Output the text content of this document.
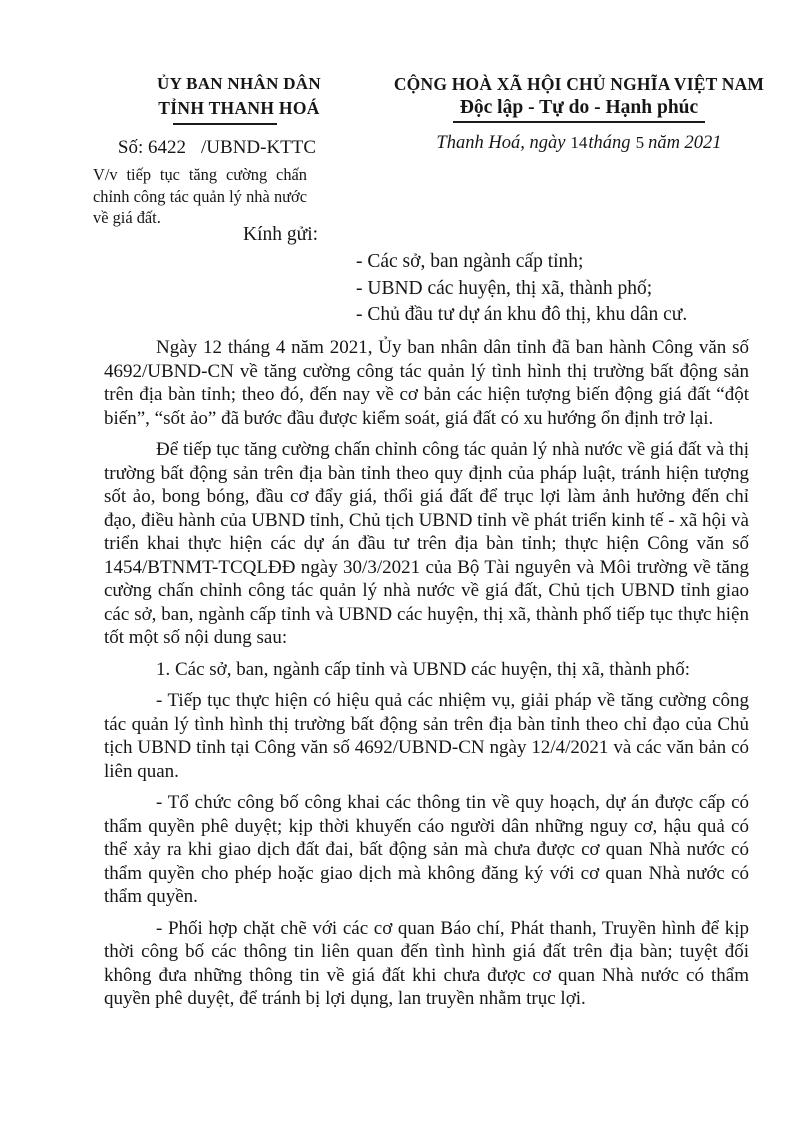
ỦY BAN NHÂN DÂN
TỈNH THANH HOÁ
Số: 6422 /UBND-KTTC
V/v tiếp tục tăng cường chấn chỉnh công tác quản lý nhà nước về giá đất.
CỘNG HOÀ XÃ HỘI CHỦ NGHĨA VIỆT NAM
Độc lập - Tự do - Hạnh phúc
Thanh Hoá, ngày 14tháng 5 năm 2021
Kính gửi:
- Các sở, ban ngành cấp tỉnh;
- UBND các huyện, thị xã, thành phố;
- Chủ đầu tư dự án khu đô thị, khu dân cư.

Ngày 12 tháng 4 năm 2021, Ủy ban nhân dân tỉnh đã ban hành Công văn số 4692/UBND-CN về tăng cường công tác quản lý tình hình thị trường bất động sản trên địa bàn tỉnh; theo đó, đến nay về cơ bản các hiện tượng biến động giá đất “đột biến”, “sốt ảo” đã bước đầu được kiểm soát, giá đất có xu hướng ổn định trở lại.

Để tiếp tục tăng cường chấn chỉnh công tác quản lý nhà nước về giá đất và thị trường bất động sản trên địa bàn tỉnh theo quy định của pháp luật, tránh hiện tượng sốt ảo, bong bóng, đầu cơ đẩy giá, thổi giá đất để trục lợi làm ảnh hưởng đến chỉ đạo, điều hành của UBND tỉnh, Chủ tịch UBND tỉnh về phát triển kinh tế - xã hội và triển khai thực hiện các dự án đầu tư trên địa bàn tỉnh; thực hiện Công văn số 1454/BTNMT-TCQLĐĐ ngày 30/3/2021 của Bộ Tài nguyên và Môi trường về tăng cường chấn chỉnh công tác quản lý nhà nước về giá đất, Chủ tịch UBND tỉnh giao các sở, ban, ngành cấp tỉnh và UBND các huyện, thị xã, thành phố tiếp tục thực hiện tốt một số nội dung sau:

1. Các sở, ban, ngành cấp tỉnh và UBND các huyện, thị xã, thành phố:

- Tiếp tục thực hiện có hiệu quả các nhiệm vụ, giải pháp về tăng cường công tác quản lý tình hình thị trường bất động sản trên địa bàn tỉnh theo chỉ đạo của Chủ tịch UBND tỉnh tại Công văn số 4692/UBND-CN ngày 12/4/2021 và các văn bản có liên quan.

- Tổ chức công bố công khai các thông tin về quy hoạch, dự án được cấp có thẩm quyền phê duyệt; kịp thời khuyến cáo người dân những nguy cơ, hậu quả có thể xảy ra khi giao dịch đất đai, bất động sản mà chưa được cơ quan Nhà nước có thẩm quyền cho phép hoặc giao dịch mà không đăng ký với cơ quan Nhà nước có thẩm quyền.

- Phối hợp chặt chẽ với các cơ quan Báo chí, Phát thanh, Truyền hình để kịp thời công bố các thông tin liên quan đến tình hình giá đất trên địa bàn; tuyệt đối không đưa những thông tin về giá đất khi chưa được cơ quan Nhà nước có thẩm quyền phê duyệt, để tránh bị lợi dụng, lan truyền nhằm trục lợi.
